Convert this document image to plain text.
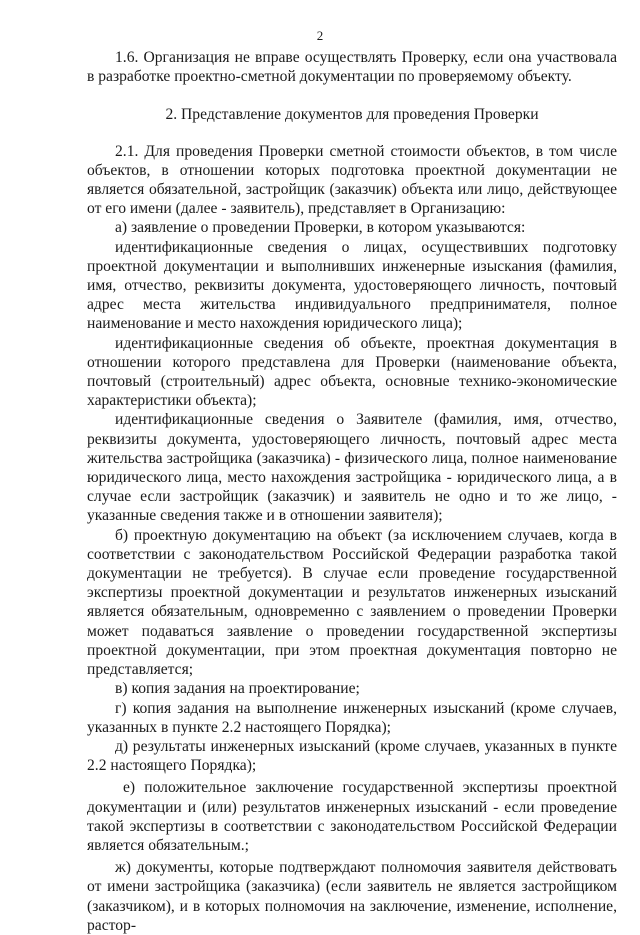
2

1.6. Организация не вправе осуществлять Проверку, если она участвовала в разработке проектно-сметной документации по проверяемому объекту.

2. Представление документов для проведения Проверки

2.1. Для проведения Проверки сметной стоимости объектов, в том числе объектов, в отношении которых подготовка проектной документации не является обязательной, застройщик (заказчик) объекта или лицо, действующее от его имени (далее - заявитель), представляет в Организацию:

а) заявление о проведении Проверки, в котором указываются:

идентификационные сведения о лицах, осуществивших подготовку проектной документации и выполнивших инженерные изыскания (фамилия, имя, отчество, реквизиты документа, удостоверяющего личность, почтовый адрес места жительства индивидуального предпринимателя, полное наименование и место нахождения юридического лица);

идентификационные сведения об объекте, проектная документация в отношении которого представлена для Проверки (наименование объекта, почтовый (строительный) адрес объекта, основные технико-экономические характеристики объекта);

идентификационные сведения о Заявителе (фамилия, имя, отчество, реквизиты документа, удостоверяющего личность, почтовый адрес места жительства застройщика (заказчика) - физического лица, полное наименование юридического лица, место нахождения застройщика - юридического лица, а в случае если застройщик (заказчик) и заявитель не одно и то же лицо, - указанные сведения также и в отношении заявителя);

б) проектную документацию на объект (за исключением случаев, когда в соответствии с законодательством Российской Федерации разработка такой документации не требуется). В случае если проведение государственной экспертизы проектной документации и результатов инженерных изысканий является обязательным, одновременно с заявлением о проведении Проверки может подаваться заявление о проведении государственной экспертизы проектной документации, при этом проектная документация повторно не представляется;

в) копия задания на проектирование;

г) копия задания на выполнение инженерных изысканий (кроме случаев, указанных в пункте 2.2 настоящего Порядка);

д) результаты инженерных изысканий (кроме случаев, указанных в пункте 2.2 настоящего Порядка);

е) положительное заключение государственной экспертизы проектной документации и (или) результатов инженерных изысканий - если проведение такой экспертизы в соответствии с законодательством Российской Федерации является обязательным.;

ж) документы, которые подтверждают полномочия заявителя действовать от имени застройщика (заказчика) (если заявитель не является застройщиком (заказчиком), и в которых полномочия на заключение, изменение, исполнение, растор-
